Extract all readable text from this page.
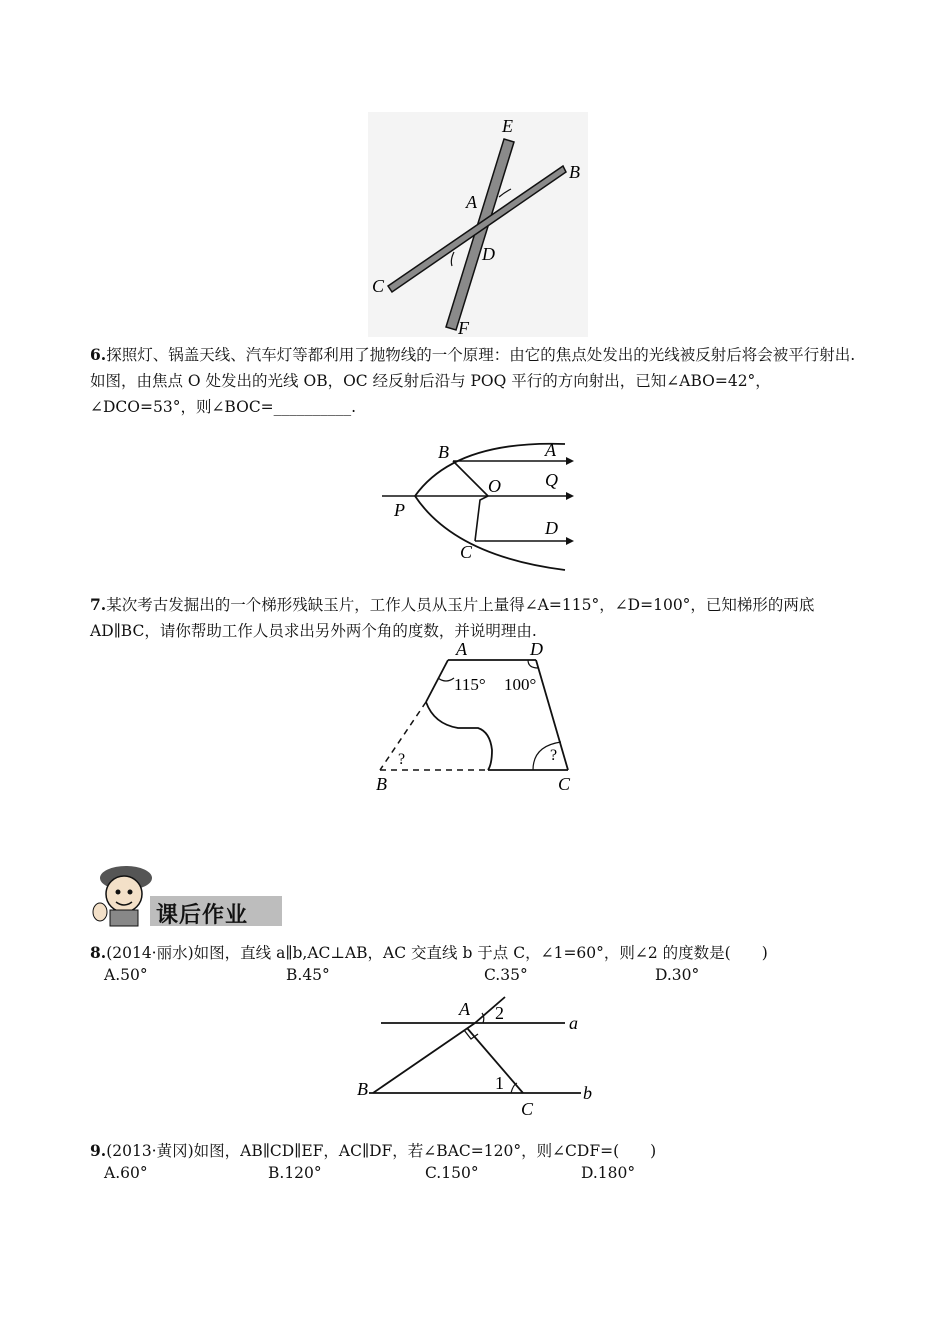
E
B
A
D
C
F
6.探照灯、锅盖天线、汽车灯等都利用了抛物线的一个原理：由它的焦点处发出的光线被反射后将会被平行射出.如图，由焦点 O 处发出的光线 OB，OC 经反射后沿与 POQ 平行的方向射出，已知∠ABO=42°，∠DCO=53°，则∠BOC=__________.
B	A
O Q
P
D
C
7.某次考古发掘出的一个梯形残缺玉片，工作人员从玉片上量得∠A=115°，∠D=100°，已知梯形的两底 AD∥BC，请你帮助工作人员求出另外两个角的度数，并说明理由.
A	D
115° 100°
?	?
B	C
课后作业
8.(2014·丽水)如图，直线 a∥b,AC⊥AB，AC 交直线 b 于点 C，∠1=60°，则∠2 的度数是(　　)
A.50°	B.45°	C.35°	D.30°
A 2	a
B	1
C
b
9.(2013·黄冈)如图，AB∥CD∥EF，AC∥DF，若∠BAC=120°，则∠CDF=(　　)
A.60°	B.120°	C.150°	D.180°
